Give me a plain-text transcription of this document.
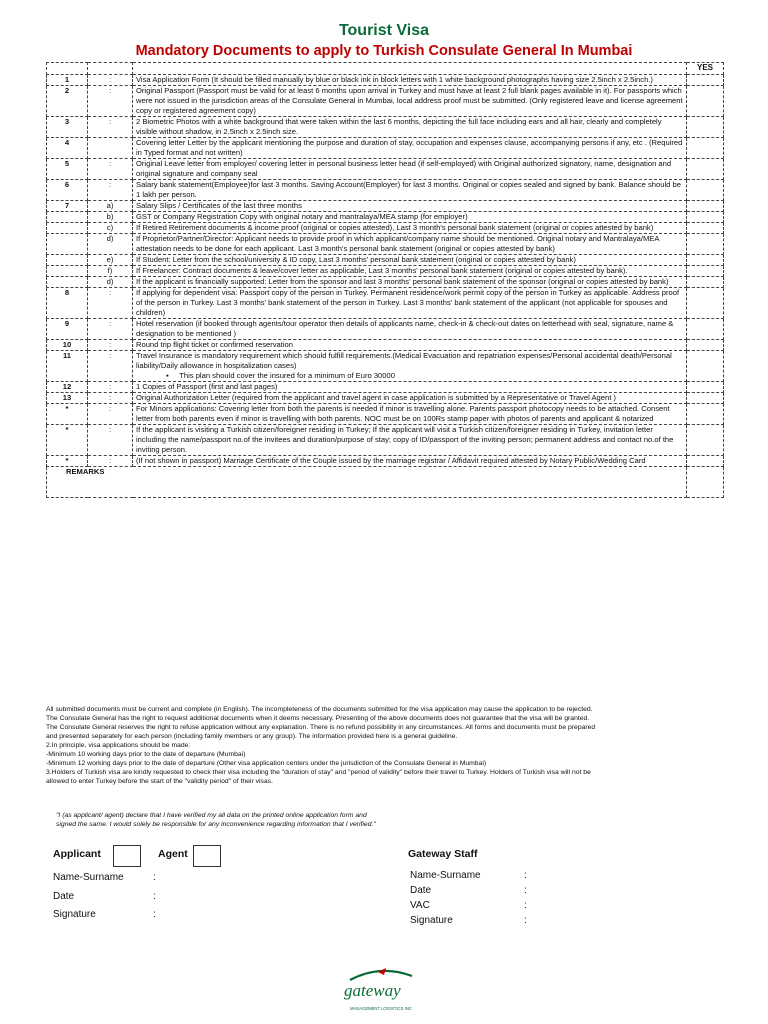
Tourist Visa
Mandatory Documents to apply to Turkish Consulate General In Mumbai
			YES
1	:	Visa Application Form (It should be filled manually by blue or black ink in block letters with 1 white background photographs having size 2.5inch x 2.5inch.)	
2	:	Original Passport (Passport must be valid for at least 6 months upon arrival in Turkey and must have at least 2 full blank pages available in it). For passports which were not issued in the jurisdiction areas of the Consulate General in Mumbai, local address proof must be submitted. (Only registered leave and license agreement copy or registered agreement copy)	
3	:	2 Biometric Photos with a white background that were taken within the last 6 months, depicting the full face including ears and all hair, clearly and completely visible without shadow, in 2.5inch x 2.5inch size.	
4		Covering letter Letter by the applicant mentioning the purpose and duration of stay, occupation and expenses clause, accompanying persons if any, etc . (Required in Typed format and not written)	
5	:	Original Leave letter from employer/ covering letter in personal business letter head (if self-employed) with Original authorized signatory, name, designation and original signature and company seal	
6	:	Salary bank statement(Employee)for last 3 months. Saving Account(Employer) for last 3 months. Original or copies sealed and signed by bank. Balance should be 1 lakh per person.	
7	a)	Salary Slips / Certificates of the last three months	
	b)	GST or Company Registration Copy with original notary and mantralaya/MEA stamp (for employer)	
	c)	If Retired Retirement documents & income proof (original or copies attested), Last 3 month's personal bank statement (original or copies attested by bank)	
	d)	If Proprietor/Partner/Director: Applicant needs to provide proof in which applicant/company name should be mentioned. Original notary and Mantralaya/MEA attestation needs to be done for each applicant. Last 3 month's personal bank statement (original or copies attested by bank)	
	e)	If Student: Letter from the school/university & ID copy, Last 3 months' personal bank statement (original or copies attested by bank)	
	f)	If Freelancer: Contract documents & leave/cover letter as applicable, Last 3 months' personal bank statement (original or copies attested by bank).	
	d)	If the applicant is financially supported: Letter from the sponsor and last 3 months' personal bank statement of the sponsor (original or copies attested by bank)	
8	:	If applying for dependent visa: Passport copy of the person in Turkey. Permanent residence/work permit copy of the person in Turkey as applicable. Address proof of the person in Turkey. Last 3 months' bank statement of the person in Turkey. Last 3 months' bank statement of the applicant (not applicable for spouses and children)	
9	:	Hotel reservation (if booked through agents/tour operator then details of applicants name, check-in & check-out dates on letterhead with seal, signature, name & designation to be mentioned )	
10	:	Round trip flight ticket or confirmed reservation	
11	:	Travel Insurance is mandatory requirement which should fulfill requirements.(Medical Evacuation and repatriation expenses/Personal accidental death/Personal liability/Daily allowance in hospitalization cases)
▪     This plan should cover the insured for a minimum of Euro 30000	

12	:	1 Copies of Passport (first and last pages)	
13	:	Original Authorization Letter (required from the applicant and travel agent in case application is submitted by a Representative or Travel Agent )	
*	:	For Minors applications: Covering letter from both the parents is needed if minor is travelling alone. Parents passport photocopy needs to be attached. Consent letter from both parents even if minor is travelling with both parents. NOC must be on 100Rs stamp paper with photos of parents and applicant & notarized	
*	:	If the applicant is visiting a Turkish citizen/foreigner residing in Turkey; If the applicant will visit a Turkish citizen/foreigner residing in Turkey, invitation letter including the name/passport no.of the invitees and duration/purpose of stay; copy of ID/passport of the inviting person; permanent address and contact no.of the inviting person.	
*	:	(If not shown in passport) Marriage Certificate of the Couple issued by the marriage registrar / Affidavit required attested by Notary Public/Wedding Card	
REMARKS			
All submitted documents must be current and complete (in English). The incompleteness of the documents submitted for the visa application may cause the application to be rejected.
The Consulate General has the right to request additional documents when it deems necessary. Presenting of the above documents does not guarantee that the visa will be granted.
The Consulate General reserves the right to refuse application without any explanation. There is no refund possibility in any circumstances. All forms and documents must be prepared
and presented separately for each person (including family members or any group). The information provided here is a general guideline.
2.In principle, visa applications should be made:
-Minimum 10 working days prior to the date of departure (Mumbai)
-Minimum 12 working days prior to the date of departure (Other visa application centers under the jurisdiction of the Consulate General in Mumbai)
3.Holders of Turkish visa are kindly requested to check their visa including the "duration of stay" and "period of validity" before their travel to Turkey. Holders of Turkish visa will not be
allowed to enter Turkey before the start of the "validity period" of their visas.
"I (as applicant/ agent) declare that I have verified my all data on the printed online application form and signed the same. I would solely be responsible for any inconvenience regarding information that I verified."
Applicant	Agent	Gateway Staff
Name-Surname	:
Date	:
Signature	:
Name-Surname	:
Date	:
VAC	:
Signature	:
gateway
MANAGEMENT LOGISTICS INC
